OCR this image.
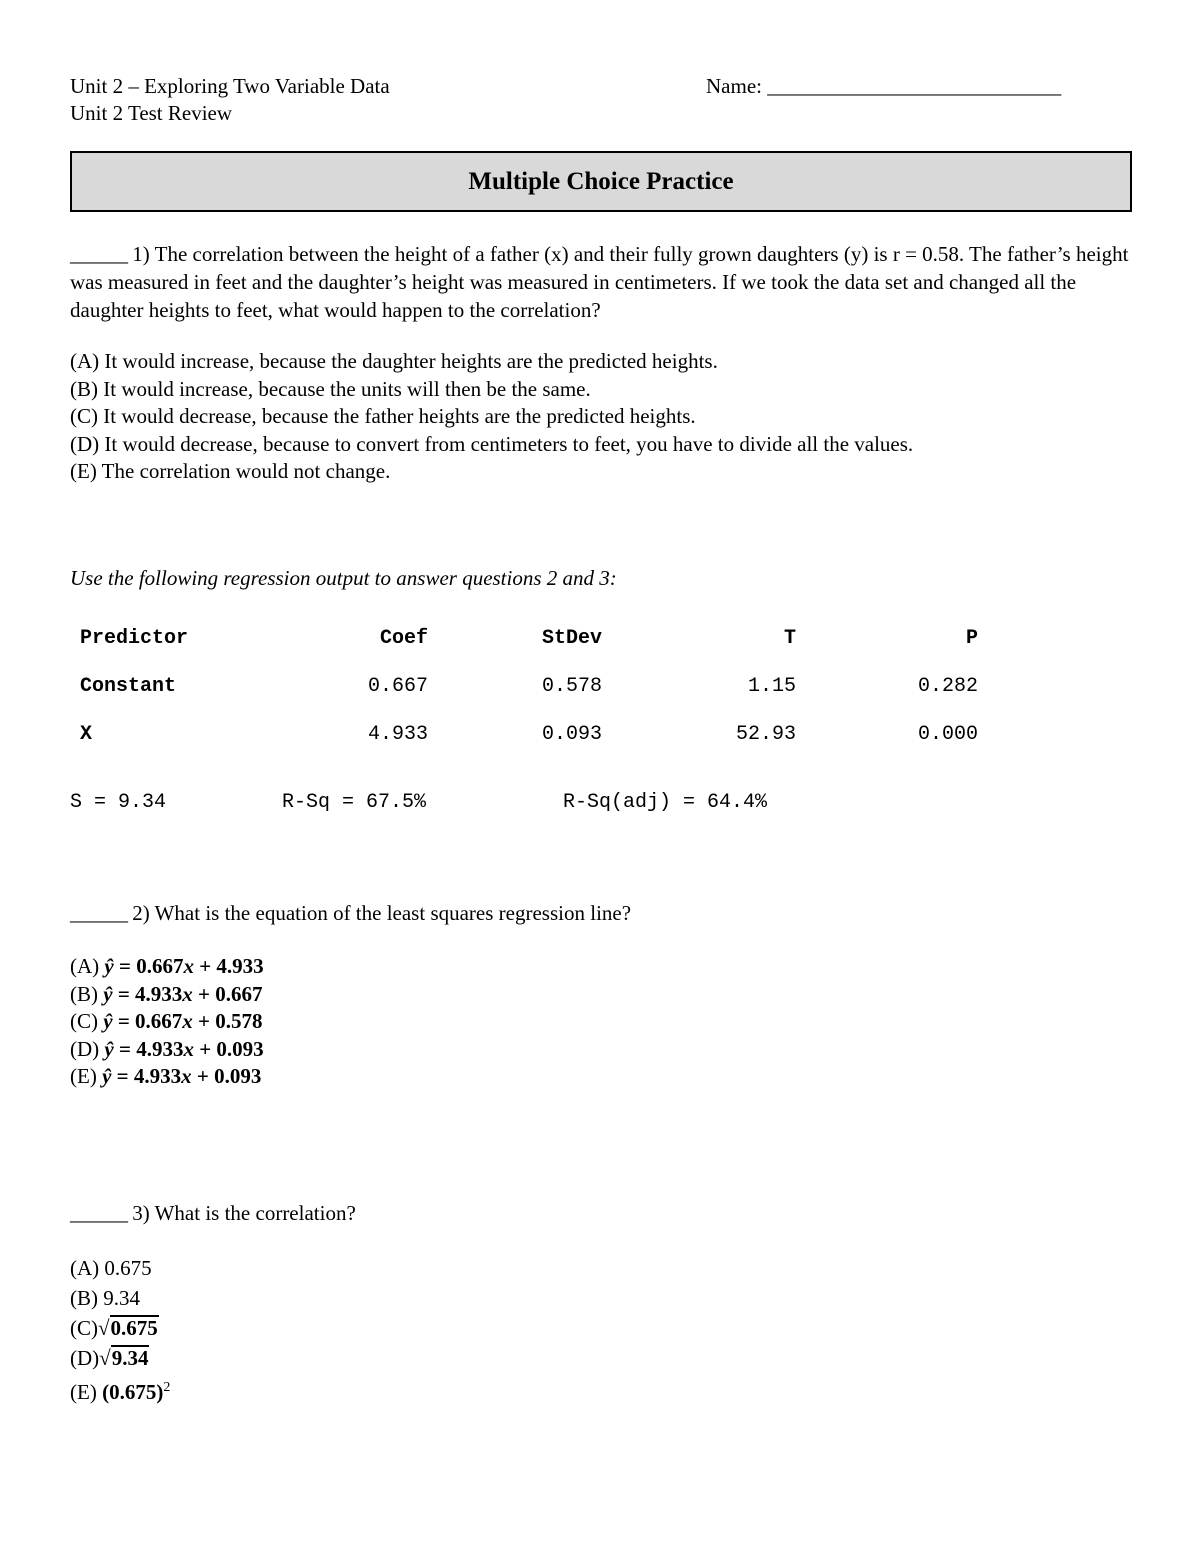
Unit 2 – Exploring Two Variable Data
Unit 2 Test Review
Name: ____________________________
Multiple Choice Practice
______ 1) The correlation between the height of a father (x) and their fully grown daughters (y) is r = 0.58. The father’s height was measured in feet and the daughter’s height was measured in centimeters. If we took the data set and changed all the daughter heights to feet, what would happen to the correlation?
(A) It would increase, because the daughter heights are the predicted heights.
(B) It would increase, because the units will then be the same.
(C) It would decrease, because the father heights are the predicted heights.
(D) It would decrease, because to convert from centimeters to feet, you have to divide all the values.
(E) The correlation would not change.
Use the following regression output to answer questions 2 and 3:
Predictor	Coef	StDev	T	P
Constant	0.667	0.578	1.15	0.282
X	4.933	0.093	52.93	0.000
S = 9.34	R-Sq = 67.5%	R-Sq(adj) = 64.4%
______ 2) What is the equation of the least squares regression line?
(A) ŷ = 0.667x + 4.933
(B) ŷ = 4.933x + 0.667
(C) ŷ = 0.667x + 0.578
(D) ŷ = 4.933x + 0.093
(E) ŷ = 4.933x + 0.093
______ 3) What is the correlation?
(A) 0.675
(B) 9.34
(C)√0.675
(D)√9.34
(E) $(0.675)^2$
